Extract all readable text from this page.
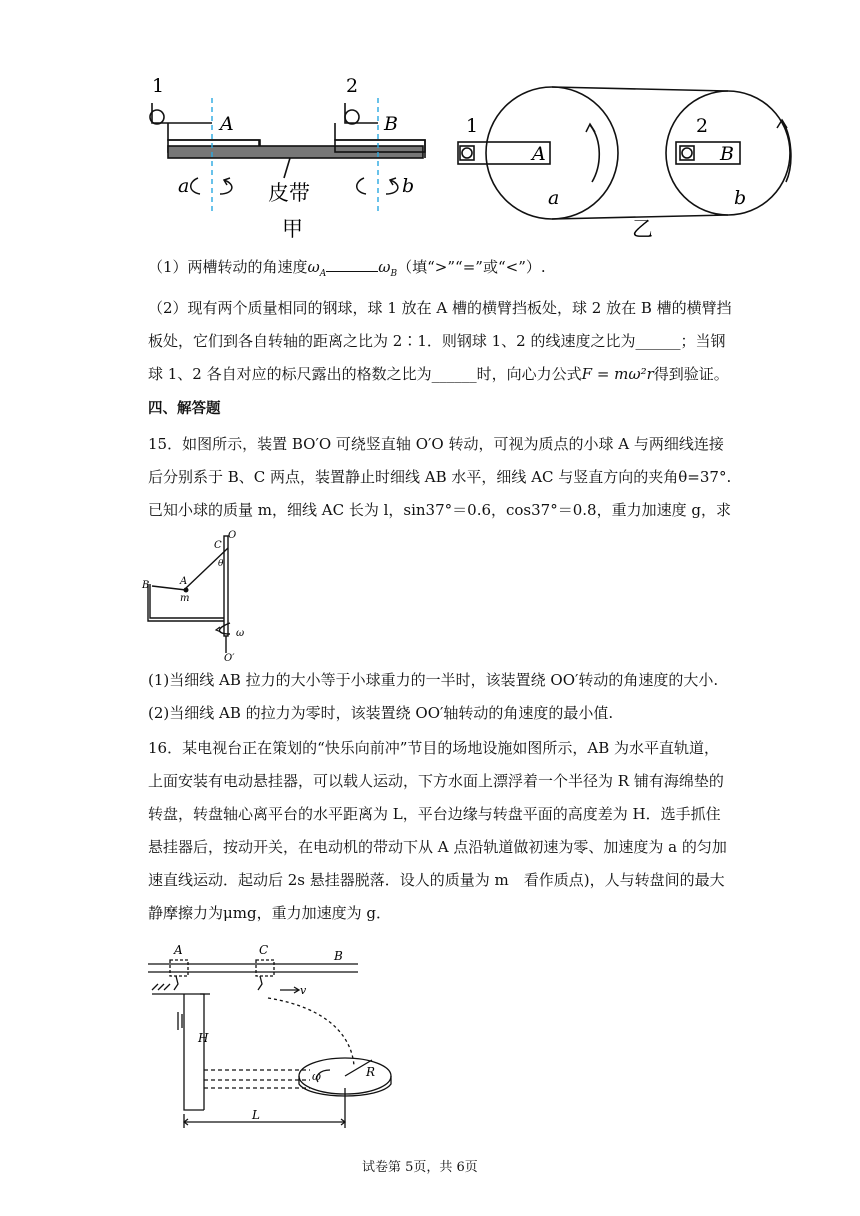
1
A
2
B
a	b
皮带
甲
1
A
2
B
a	b
乙
（1）两槽转动的角速度$\omega_A$	$\omega_B$（填“>”“=”或“<”）.
（2）现有两个质量相同的钢球，球 1 放在 A 槽的横臂挡板处，球 2 放在 B 槽的横臂挡
板处，它们到各自转轴的距离之比为 2∶1．则钢球 1、2 的线速度之比为______；当钢
球 1、2 各自对应的标尺露出的格数之比为______时，向心力公式F = mω²r得到验证。
四、解答题
15．如图所示，装置 BO′O 可绕竖直轴 O′O 转动，可视为质点的小球 A 与两细线连接
后分别系于 B、C 两点，装置静止时细线 AB 水平，细线 AC 与竖直方向的夹角θ=37°.
已知小球的质量 m，细线 AC 长为 l，sin37°＝0.6，cos37°＝0.8，重力加速度 g，求
O
C
θ
A
m
B
ω
O′
(1)当细线 AB 拉力的大小等于小球重力的一半时，该装置绕 OO′转动的角速度的大小.
(2)当细线 AB 的拉力为零时，该装置绕 OO′轴转动的角速度的最小值.
16．某电视台正在策划的“快乐向前冲”节目的场地设施如图所示，AB 为水平直轨道，
上面安装有电动悬挂器，可以载人运动，下方水面上漂浮着一个半径为 R 铺有海绵垫的
转盘，转盘轴心离平台的水平距离为 L，平台边缘与转盘平面的高度差为 H．选手抓住
悬挂器后，按动开关，在电动机的带动下从 A 点沿轨道做初速为零、加速度为 a 的匀加
速直线运动．起动后 2s 悬挂器脱落．设人的质量为 m　看作质点)，人与转盘间的最大
静摩擦力为μmg，重力加速度为 g．
A	C	B
v
H
ω	R
L
试卷第 5页，共 6页
